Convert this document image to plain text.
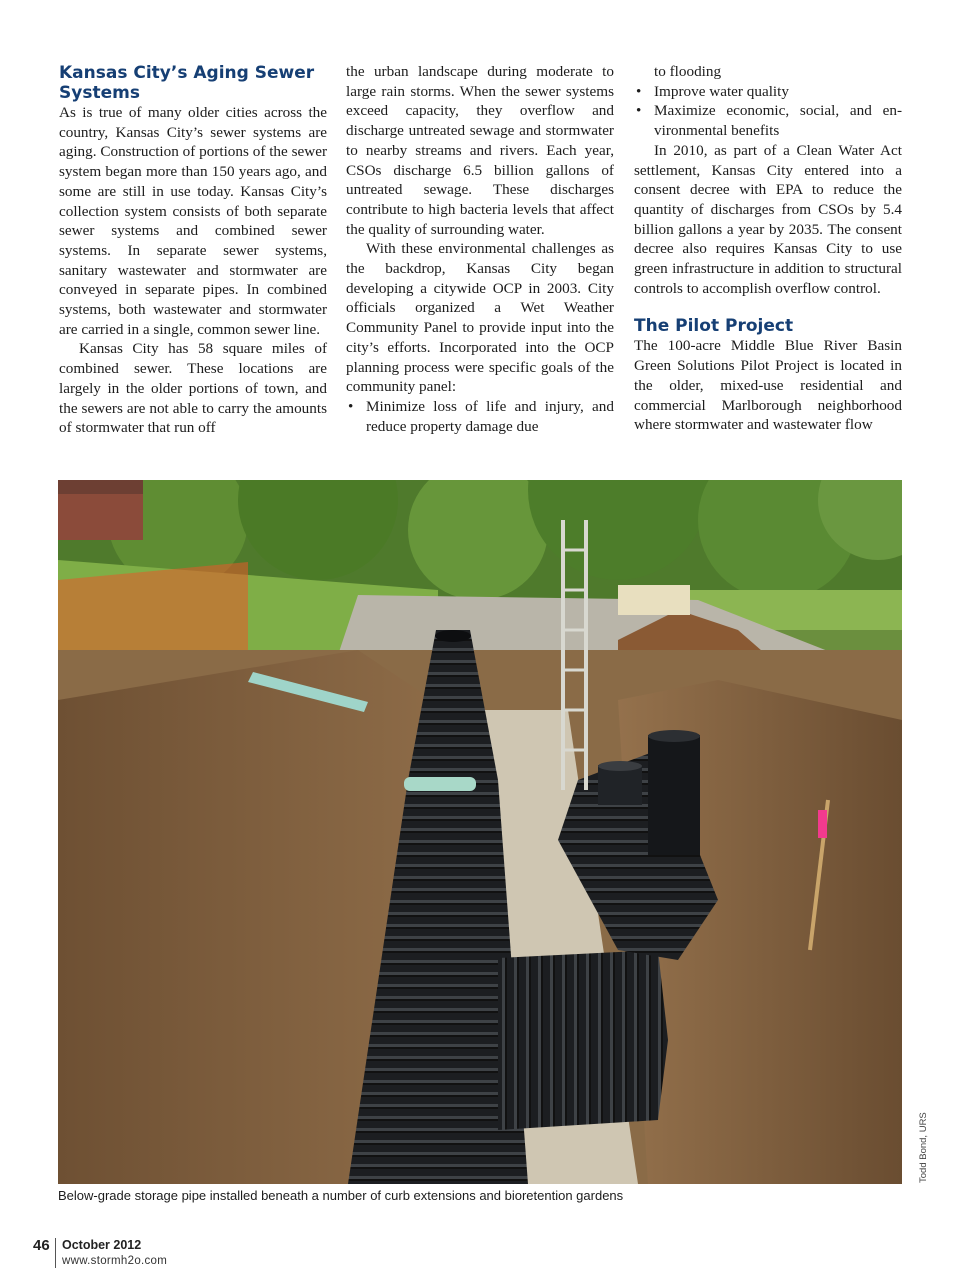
Kansas City’s Aging Sewer Systems

As is true of many older cities across the country, Kansas City’s sewer systems are aging. Construction of portions of the sewer system began more than 150 years ago, and some are still in use today. Kansas City’s collection system consists of both separate sewer systems and combined sewer systems. In separate sewer systems, sanitary wastewater and stormwater are conveyed in separate pipes. In combined systems, both wastewater and stormwater are carried in a single, common sewer line.

Kansas City has 58 square miles of combined sewer. These locations are largely in the older portions of town, and the sewers are not able to carry the amounts of stormwater that run off

the urban landscape during moderate to large rain storms. When the sewer systems exceed capacity, they overflow and discharge untreated sewage and stormwater to nearby streams and rivers. Each year, CSOs discharge 6.5 billion gallons of untreated sewage. These discharges contribute to high bacteria levels that affect the quality of surrounding water.

With these environmental challenges as the backdrop, Kansas City began developing a citywide OCP in 2003. City officials organized a Wet Weather Community Panel to provide input into the city’s efforts. Incorporated into the OCP planning process were specific goals of the community panel:

• Minimize loss of life and injury, and reduce property damage due

to flooding

• Improve water quality
• Maximize economic, social, and environmental benefits

In 2010, as part of a Clean Water Act settlement, Kansas City entered into a consent decree with EPA to reduce the quantity of discharges from CSOs by 5.4 billion gallons a year by 2035. The consent decree also requires Kansas City to use green infrastructure in addition to structural controls to accomplish overflow control.

The Pilot Project

The 100-acre Middle Blue River Basin Green Solutions Pilot Project is located in the older, mixed-use residential and commercial Marlborough neighborhood where stormwater and wastewater flow

Todd Bond, URS
Below-grade storage pipe installed beneath a number of curb extensions and bioretention gardens
46 October 2012
www.stormh2o.com
